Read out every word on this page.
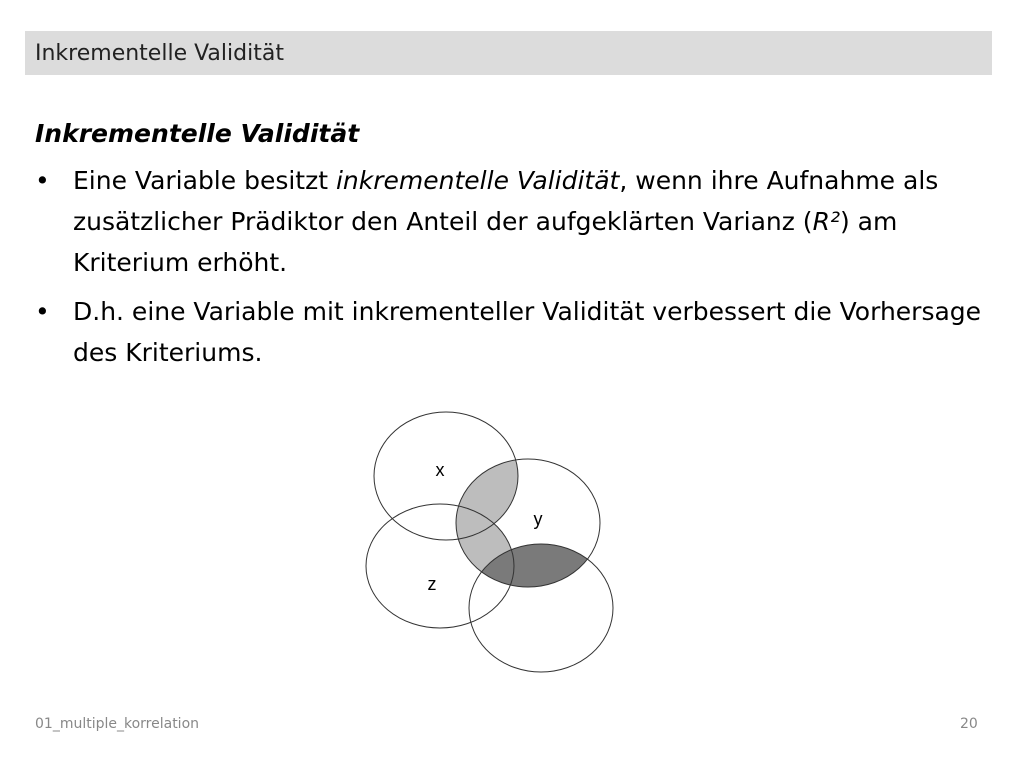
Inkrementelle Validität
Inkrementelle Validität
• Eine Variable besitzt inkrementelle Validität, wenn ihre Aufnahme als zusätzlicher Prädiktor den Anteil der aufgeklärten Varianz (R²) am Kriterium erhöht.
• D.h. eine Variable mit inkrementeller Validität verbessert die Vorhersage des Kriteriums.
x
y
z
01_multiple_korrelation	20
